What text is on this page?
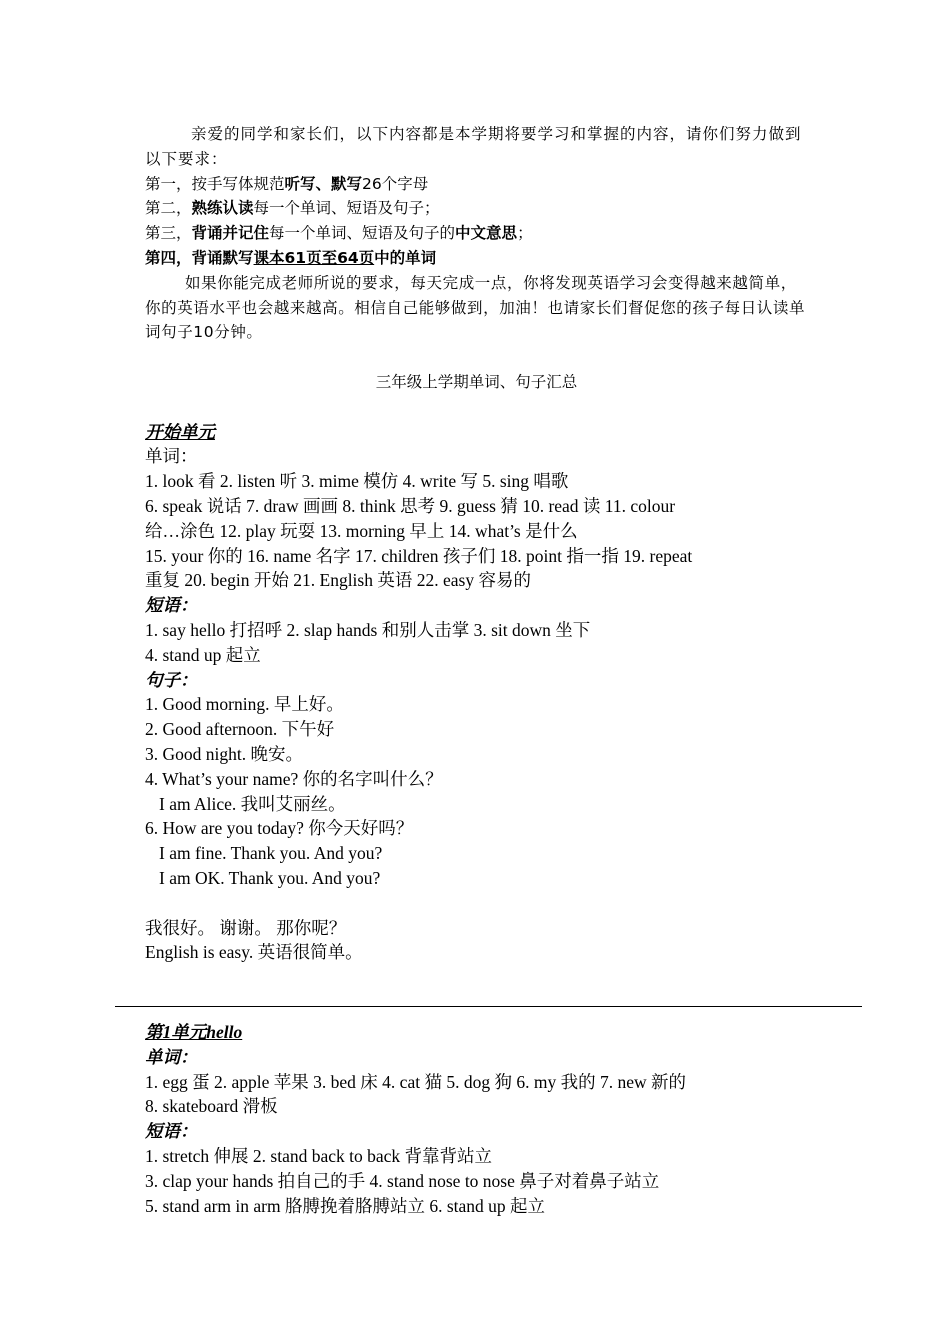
亲爱的同学和家长们，以下内容都是本学期将要学习和掌握的内容，请你们努力做到以下要求：
第一，按手写体规范听写、默写26个字母
第二，熟练认读每一个单词、短语及句子；
第三，背诵并记住每一个单词、短语及句子的中文意思；
第四，背诵默写课本61页至64页中的单词
如果你能完成老师所说的要求，每天完成一点，你将发现英语学习会变得越来越简单，你的英语水平也会越来越高。相信自己能够做到，加油！也请家长们督促您的孩子每日认读单词句子10分钟。
三年级上学期单词、句子汇总
开始单元
单词：
1. look 看 2. listen 听 3. mime 模仿 4. write 写 5. sing 唱歌
6. speak 说话 7. draw 画画 8. think 思考 9. guess 猜 10. read 读 11. colour
给…涂色 12. play 玩耍 13. morning 早上 14. what’s 是什么
15. your 你的 16. name 名字 17. children 孩子们 18. point 指一指 19. repeat
重复 20. begin 开始 21. English 英语 22. easy 容易的
短语：
1. say hello 打招呼 2. slap hands 和别人击掌 3. sit down 坐下
4. stand up 起立
句子：
1. Good morning. 早上好。
2. Good afternoon. 下午好
3. Good night. 晚安。
4. What’s your name? 你的名字叫什么？
I am Alice. 我叫艾丽丝。
6. How are you today? 你今天好吗？
I am fine. Thank you. And you?
I am OK. Thank you. And you?
我很好。 谢谢。 那你呢？
English is easy. 英语很简单。
第1单元hello
单词：
1. egg 蛋 2. apple 苹果 3. bed 床 4. cat 猫 5. dog 狗 6. my 我的 7. new 新的
8. skateboard 滑板
短语：
1. stretch 伸展 2. stand back to back 背靠背站立
3. clap your hands 拍自己的手 4. stand nose to nose 鼻子对着鼻子站立
5. stand arm in arm 胳膊挽着胳膊站立 6. stand up 起立
